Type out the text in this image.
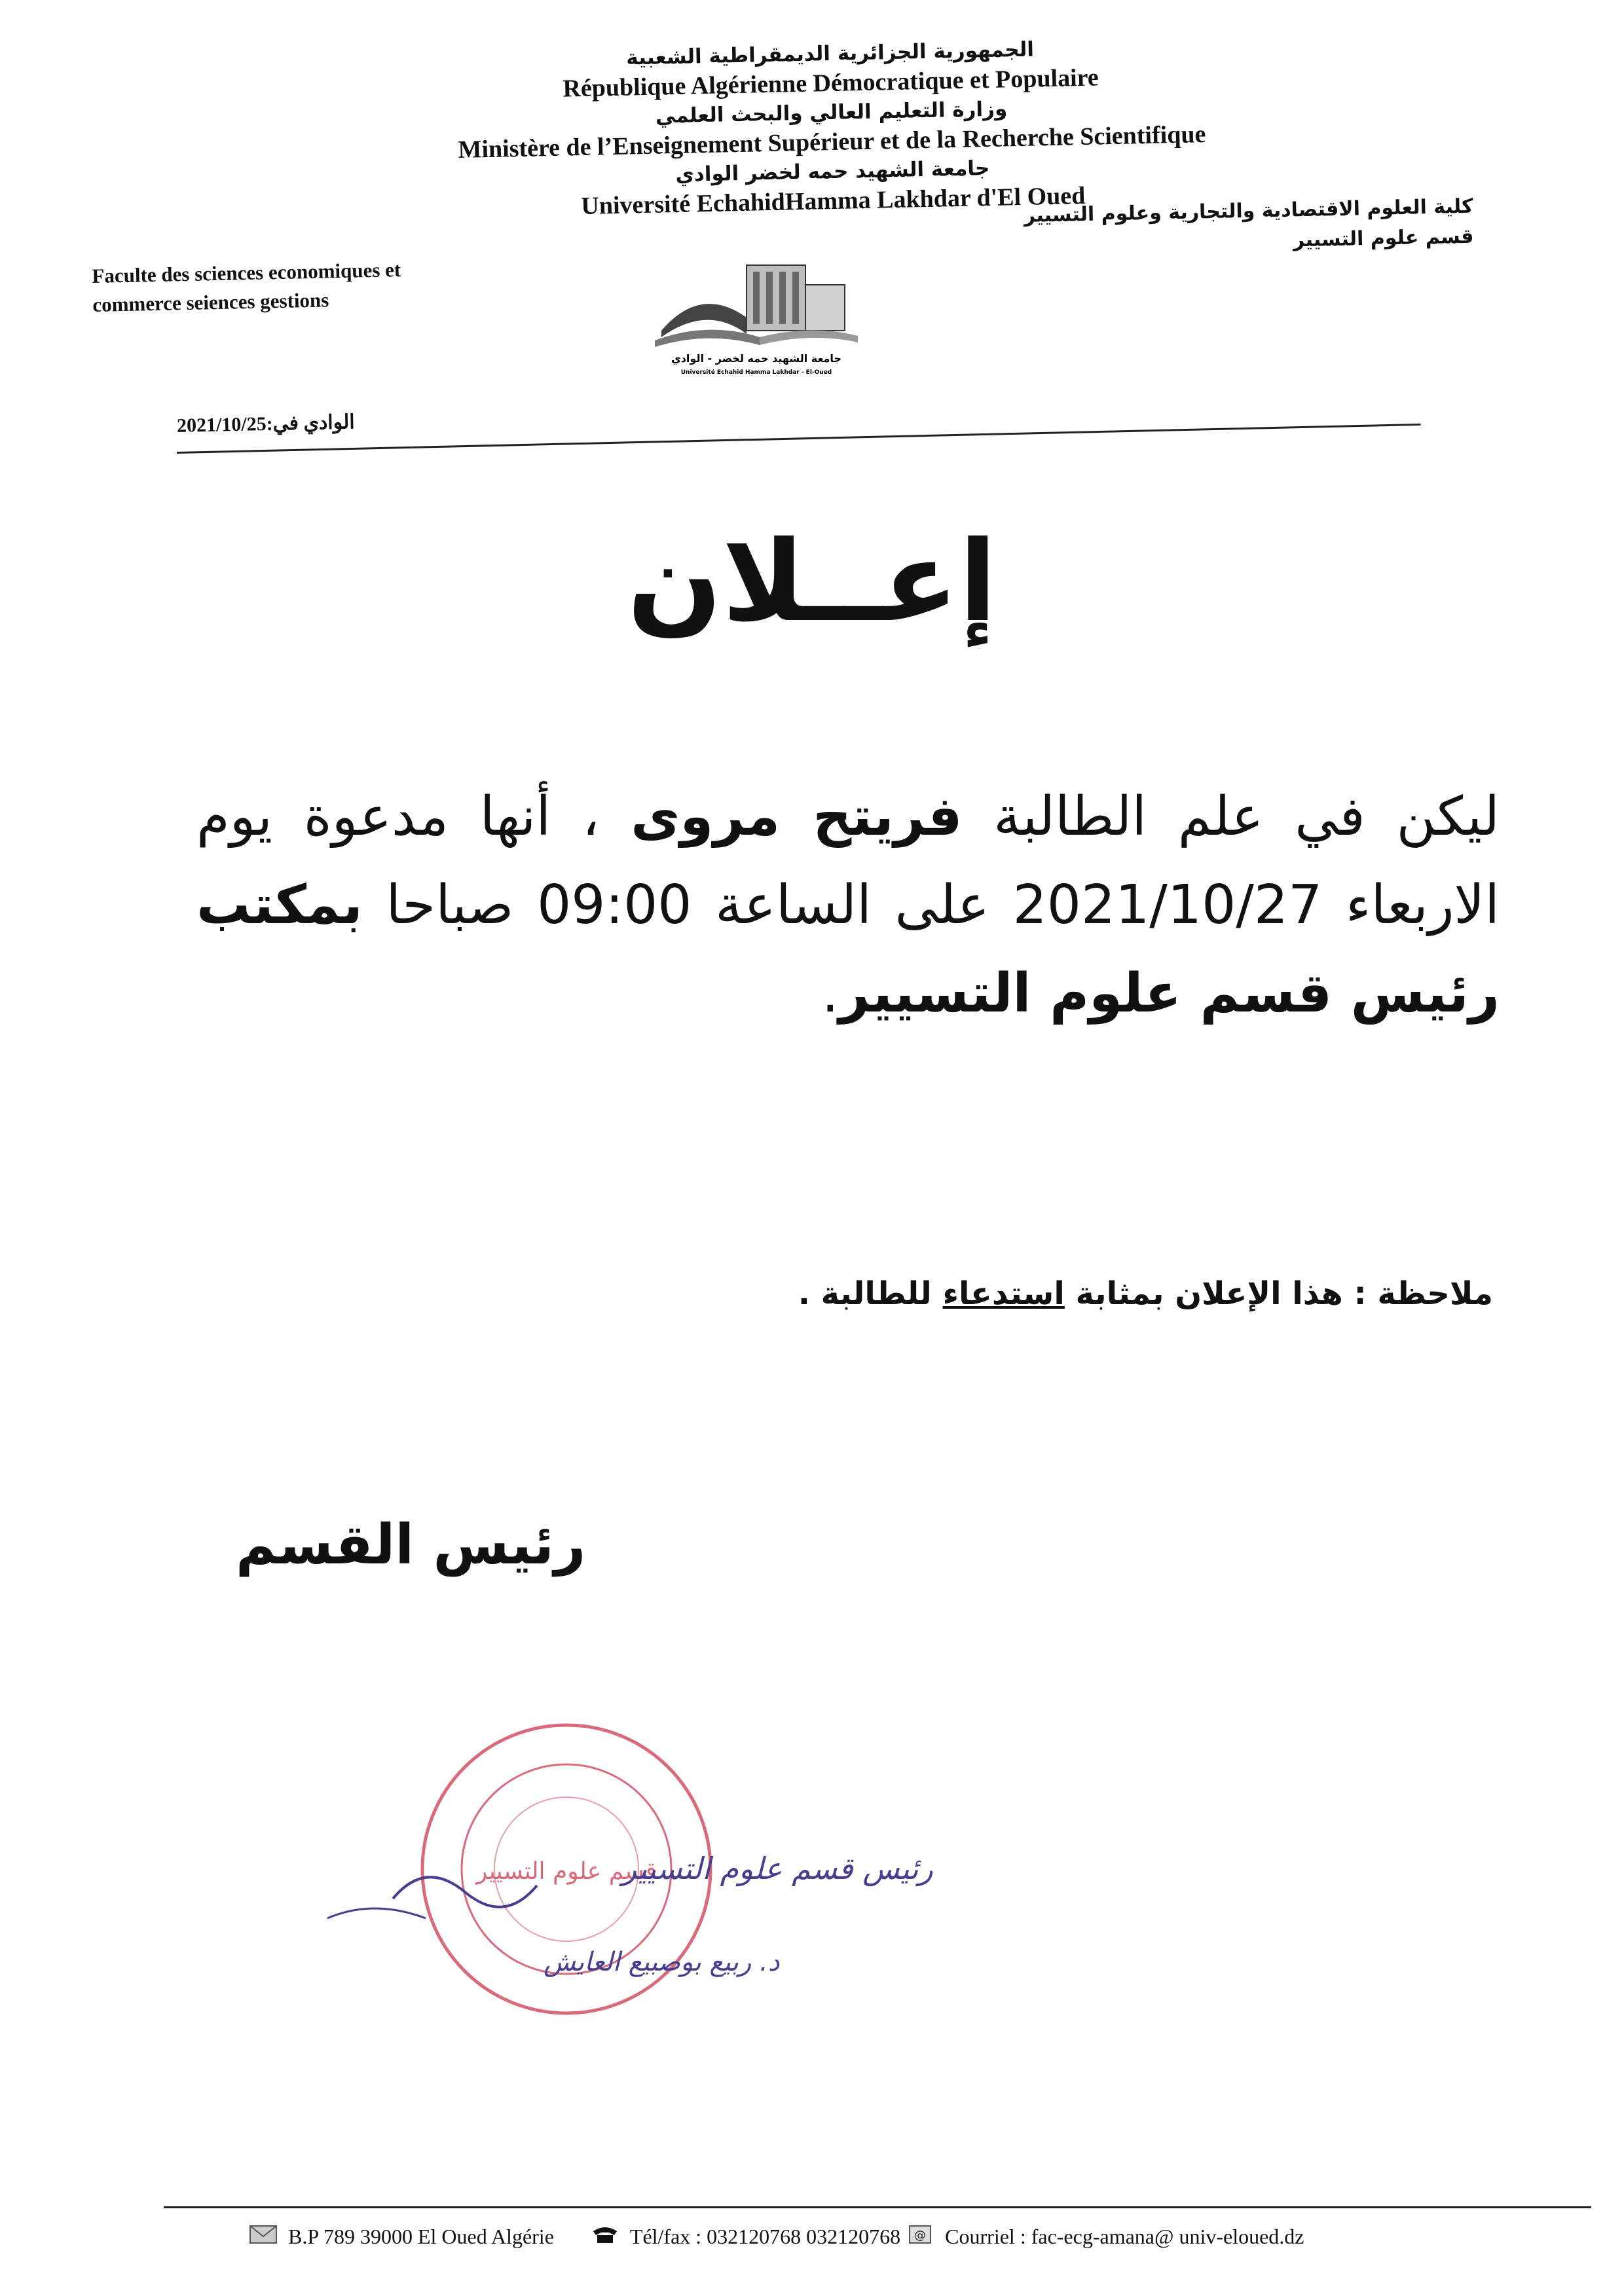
الجمهورية الجزائرية الديمقراطية الشعبية
République Algérienne Démocratique et Populaire
وزارة التعليم العالي والبحث العلمي
Ministère de l’Enseignement Supérieur et de la Recherche Scientifique
جامعة الشهيد حمه لخضر الوادي
Université EchahidHamma Lakhdar d'El Oued
كلية العلوم الاقتصادية والتجارية وعلوم التسيير
قسم علوم التسيير
Faculte des sciences economiques et
commerce seiences gestions
جامعة الشهيد حمه لخضر - الوادي
Université Echahid Hamma Lakhdar - El-Oued
الوادي في:2021/10/25
إعــلان
ليكن في علم الطالبة فريتح مروى ، أنها مدعوة يوم الاربعاء 2021/10/27 على الساعة 09:00 صباحا بمكتب رئيس قسم علوم التسيير.
ملاحظة : هذا الإعلان بمثابة استدعاء للطالبة .
رئيس القسم
قسم علوم التسيير
رئيس قسم علوم التسيير
د. ربيع بوصبيع العايش
B.P 789 39000 El Oued Algérie	Tél/fax : 032120768 032120768 @ Courriel : fac-ecg-amana@ univ-eloued.dz
